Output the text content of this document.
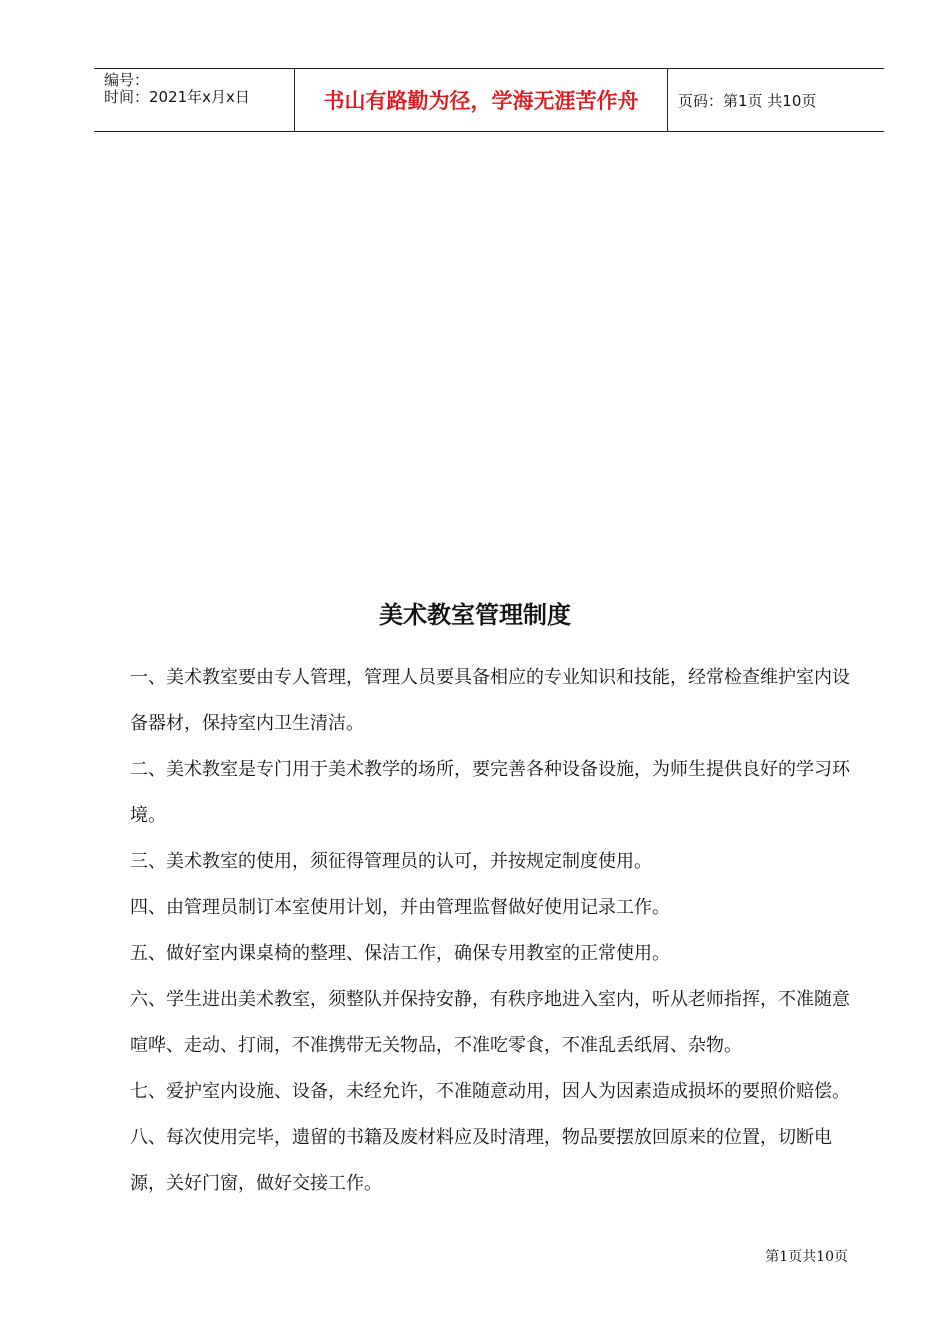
编号：
时间：2021年x月x日	书山有路勤为径，学海无涯苦作舟	页码：第1页 共10页
美术教室管理制度

一、美术教室要由专人管理，管理人员要具备相应的专业知识和技能，经常检查维护室内设备器材，保持室内卫生清洁。

二、美术教室是专门用于美术教学的场所，要完善各种设备设施，为师生提供良好的学习环境。

三、美术教室的使用，须征得管理员的认可，并按规定制度使用。

四、由管理员制订本室使用计划，并由管理监督做好使用记录工作。

五、做好室内课桌椅的整理、保洁工作，确保专用教室的正常使用。

六、学生进出美术教室，须整队并保持安静，有秩序地进入室内，听从老师指挥，不准随意喧哗、走动、打闹，不准携带无关物品，不准吃零食，不准乱丢纸屑、杂物。

七、爱护室内设施、设备，未经允许，不准随意动用，因人为因素造成损坏的要照价赔偿。

八、每次使用完毕，遗留的书籍及废材料应及时清理，物品要摆放回原来的位置，切断电源，关好门窗，做好交接工作。

第1页共10页
